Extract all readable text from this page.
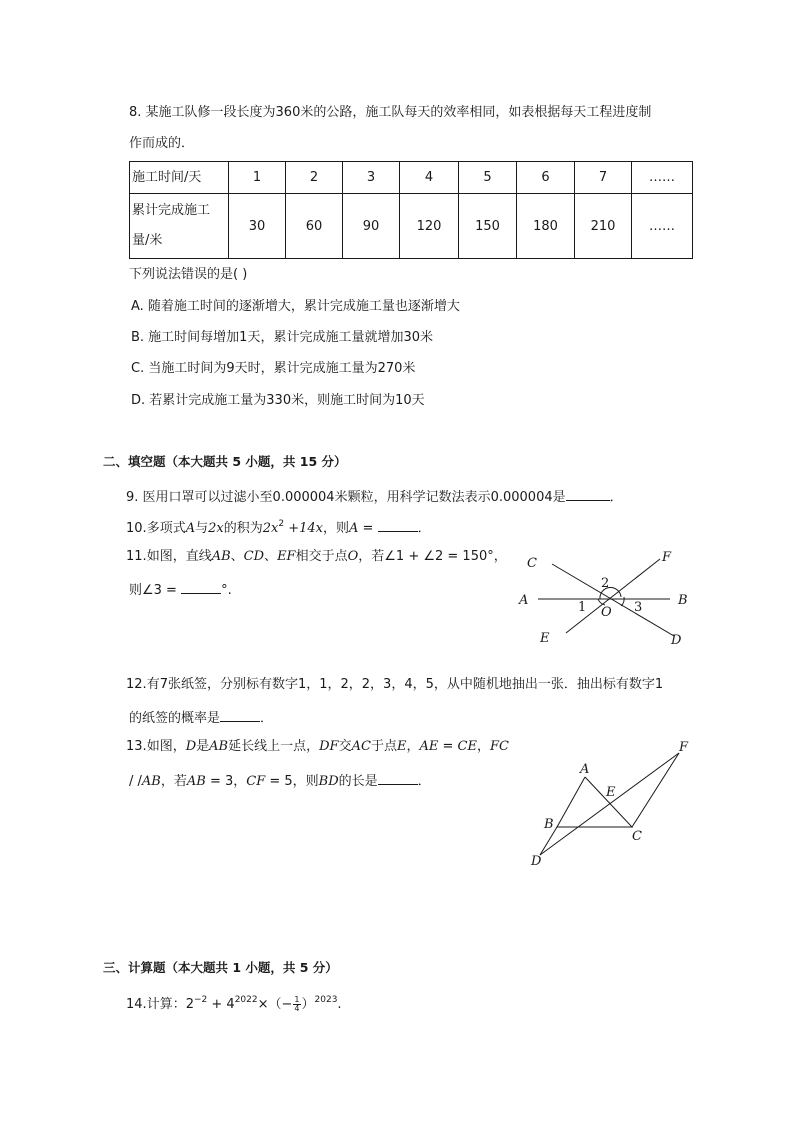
8. 某施工队修一段长度为360米的公路，施工队每天的效率相同，如表根据每天工程进度制
作而成的．
施工时间/天	1	2	3	4	5	6	7	……
累计完成施工
量/米	30	60	90	120	150	180	210	……
下列说法错误的是( )
A. 随着施工时间的逐渐增大，累计完成施工量也逐渐增大
B. 施工时间每增加1天，累计完成施工量就增加30米
C. 当施工时间为9天时，累计完成施工量为270米
D. 若累计完成施工量为330米，则施工时间为10天
二、填空题（本大题共 5 小题，共 15 分）
9. 医用口罩可以过滤小至0.000004米颗粒，用科学记数法表示0.000004是	．
10.多项式A与2x的积为$2x^2 +14x$，则A =	．
11.如图，直线AB、CD、EF相交于点O，若∠1 + ∠2 = 150°，
则∠3 =	°.
C	F
A	B
E	D
O
2
1	3
12.有7张纸签，分别标有数字1，1，2，2，3，4，5，从中随机地抽出一张．抽出标有数字1
的纸签的概率是	．
13.如图，D是AB延长线上一点，DF交AC于点E，AE = CE，FC
/ /AB，若AB = 3，CF = 5，则BD的长是	．
A
E
F
B
C
D
三、计算题（本大题共 1 小题，共 5 分）
14.计算：$2^{-2} + 4^{2022}\times(- \frac{1}{4} )^{2023}$.
